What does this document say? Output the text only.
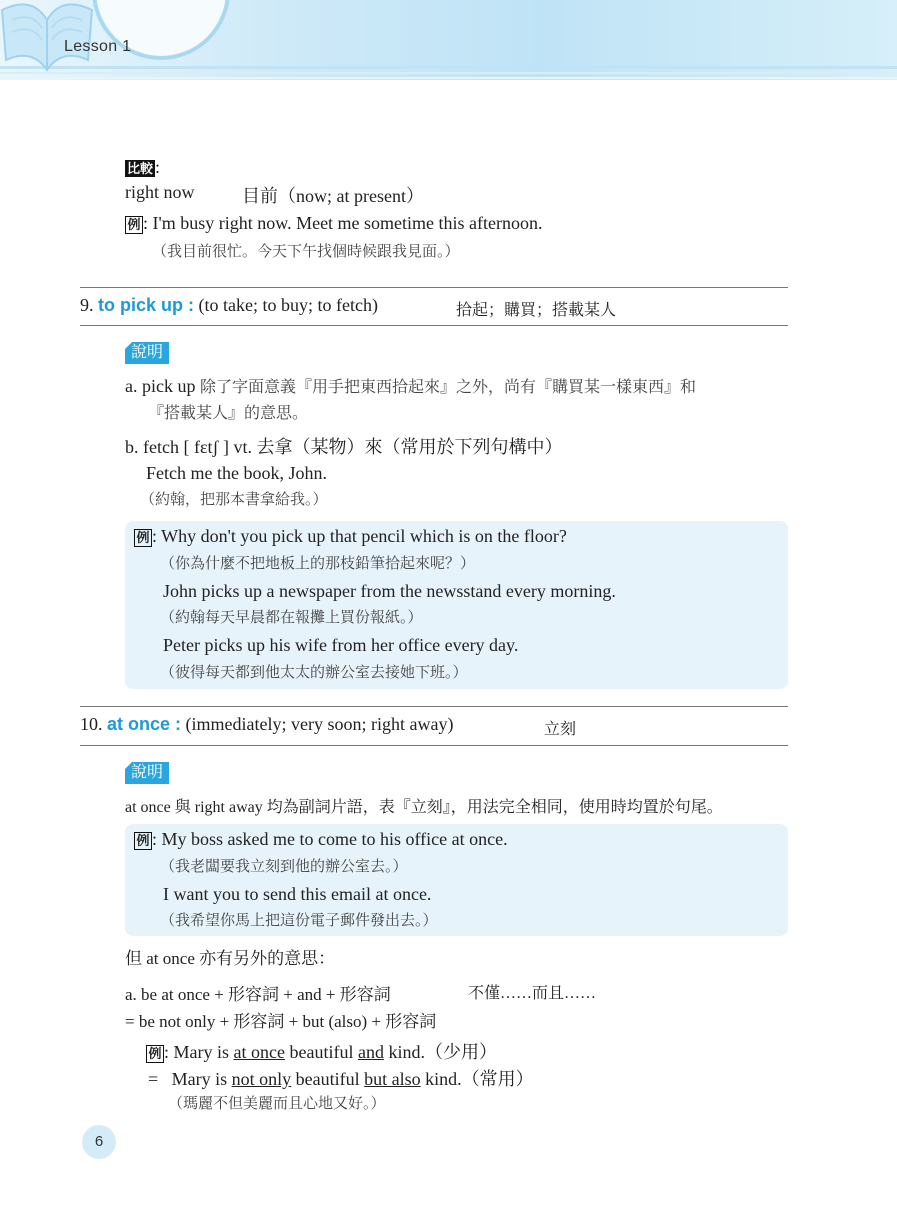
Lesson 1
比較 :
right now	目前（now; at present）
例 : I'm busy right now. Meet me sometime this afternoon.
（我目前很忙。今天下午找個時候跟我見面。）
9. to pick up : (to take; to buy; to fetch)	拾起；購買；搭載某人
說明
a. pick up 除了字面意義『用手把東西拾起來』之外，尚有『購買某一樣東西』和
『搭載某人』的意思。
b. fetch [ fɛtʃ ] vt. 去拿（某物）來（常用於下列句構中）
Fetch me the book, John.
（約翰，把那本書拿給我。）
例 : Why don't you pick up that pencil which is on the floor?
（你為什麼不把地板上的那枝鉛筆拾起來呢？）
John picks up a newspaper from the newsstand every morning.
（約翰每天早晨都在報攤上買份報紙。）
Peter picks up his wife from her office every day.
（彼得每天都到他太太的辦公室去接她下班。）
10. at once : (immediately; very soon; right away)	立刻
說明
at once 與 right away 均為副詞片語，表『立刻』，用法完全相同，使用時均置於句尾。
例 : My boss asked me to come to his office at once.
（我老闆要我立刻到他的辦公室去。）
I want you to send this email at once.
（我希望你馬上把這份電子郵件發出去。）
但 at once 亦有另外的意思：
a. be at once + 形容詞 + and + 形容詞	不僅……而且……
= be not only + 形容詞 + but (also) + 形容詞
例 : Mary is at once beautiful and kind.（少用）
= Mary is not only beautiful but also kind.（常用）
（瑪麗不但美麗而且心地又好。）
6
